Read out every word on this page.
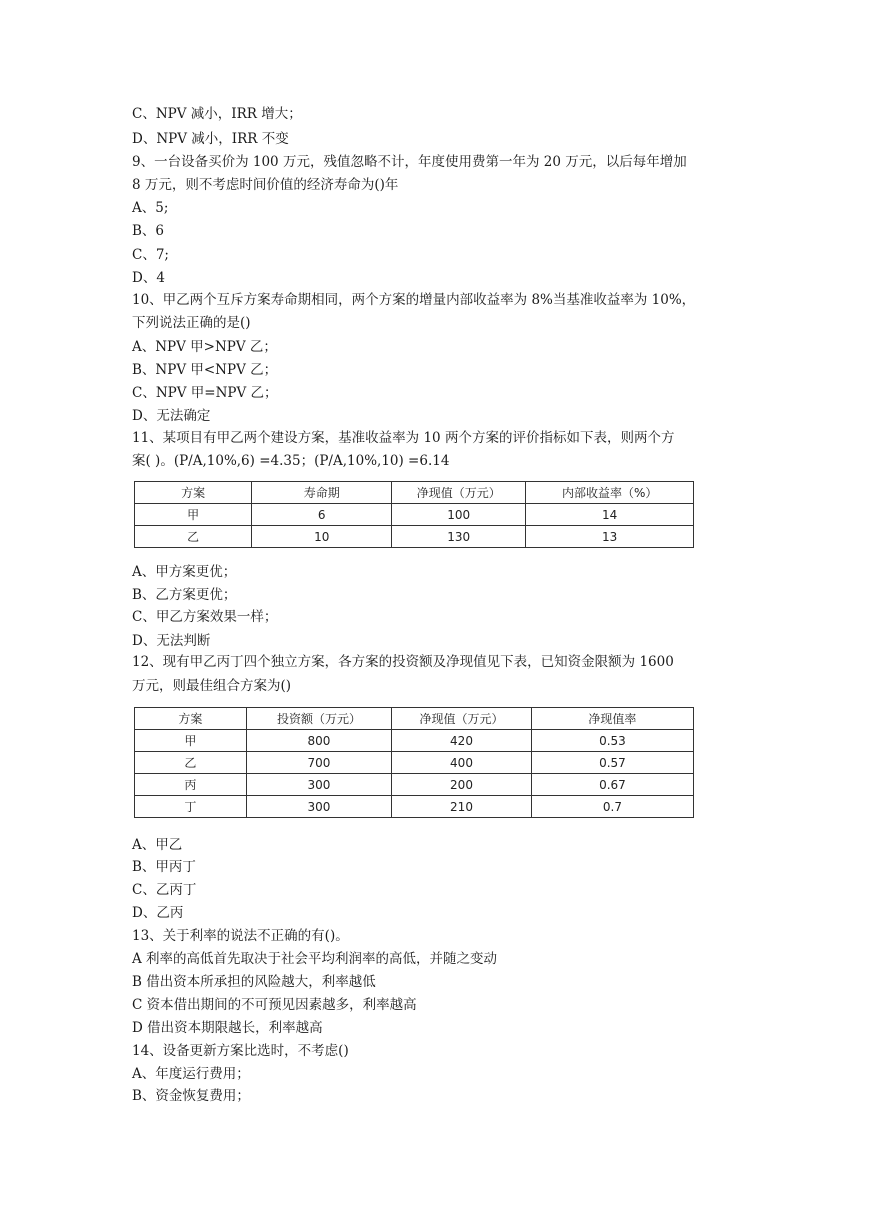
C、NPV 减小，IRR 增大；
D、NPV 减小，IRR 不变
9、一台设备买价为 100 万元，残值忽略不计，年度使用费第一年为 20 万元，以后每年增加
8 万元，则不考虑时间价值的经济寿命为()年
A、5;
B、6
C、7;
D、4
10、甲乙两个互斥方案寿命期相同，两个方案的增量内部收益率为 8%当基准收益率为 10%，
下列说法正确的是()
A、NPV 甲>NPV 乙；
B、NPV 甲<NPV 乙；
C、NPV 甲=NPV 乙；
D、无法确定
11、某项目有甲乙两个建设方案，基准收益率为 10 两个方案的评价指标如下表，则两个方
案( )。(P/A,10%,6) =4.35；(P/A,10%,10) =6.14
方案	寿命期	净现值（万元）	内部收益率（%）
甲	6	100	14
乙	10	130	13
A、甲方案更优；
B、乙方案更优；
C、甲乙方案效果一样；
D、无法判断
12、现有甲乙丙丁四个独立方案，各方案的投资额及净现值见下表，已知资金限额为 1600
万元，则最佳组合方案为()
方案	投资额（万元）	净现值（万元）	净现值率
甲	800	420	0.53
乙	700	400	0.57
丙	300	200	0.67
丁	300	210	0.7
A、甲乙
B、甲丙丁
C、乙丙丁
D、乙丙
13、关于利率的说法不正确的有()。
A 利率的高低首先取决于社会平均利润率的高低，并随之变动
B 借出资本所承担的风险越大，利率越低
C 资本借出期间的不可预见因素越多，利率越高
D 借出资本期限越长，利率越高
14、设备更新方案比选时，不考虑()
A、年度运行费用；
B、资金恢复费用；
